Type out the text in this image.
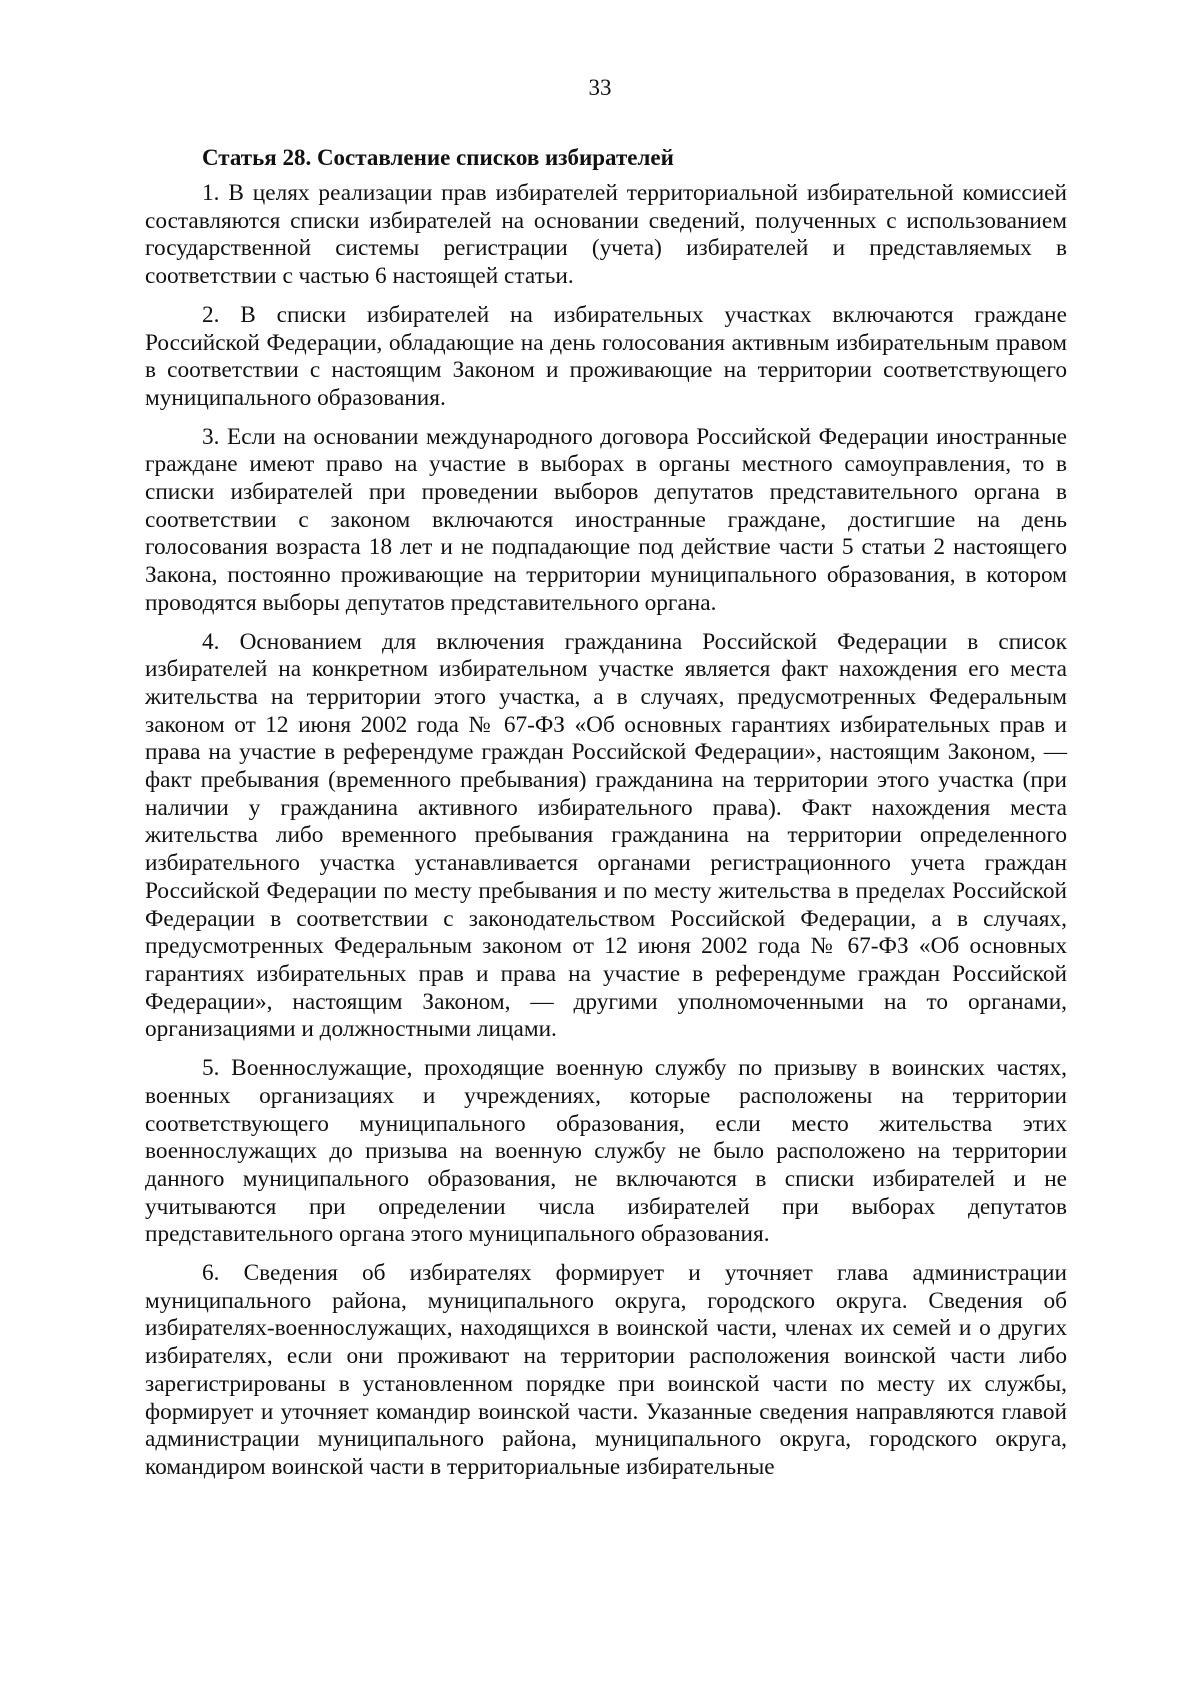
33
Статья 28. Составление списков избирателей

1. В целях реализации прав избирателей территориальной избирательной комиссией составляются списки избирателей на основании сведений, полученных с использованием государственной системы регистрации (учета) избирателей и представляемых в соответствии с частью 6 настоящей статьи.

2. В списки избирателей на избирательных участках включаются граждане Российской Федерации, обладающие на день голосования активным избирательным правом в соответствии с настоящим Законом и проживающие на территории соответствующего муниципального образования.

3. Если на основании международного договора Российской Федерации иностранные граждане имеют право на участие в выборах в органы местного самоуправления, то в списки избирателей при проведении выборов депутатов представительного органа в соответствии с законом включаются иностранные граждане, достигшие на день голосования возраста 18 лет и не подпадающие под действие части 5 статьи 2 настоящего Закона, постоянно проживающие на территории муниципального образования, в котором проводятся выборы депутатов представительного органа.

4. Основанием для включения гражданина Российской Федерации в список избирателей на конкретном избирательном участке является факт нахождения его места жительства на территории этого участка, а в случаях, предусмотренных Федеральным законом от 12 июня 2002 года № 67-ФЗ «Об основных гарантиях избирательных прав и права на участие в референдуме граждан Российской Федерации», настоящим Законом, — факт пребывания (временного пребывания) гражданина на территории этого участка (при наличии у гражданина активного избирательного права). Факт нахождения места жительства либо временного пребывания гражданина на территории определенного избирательного участка устанавливается органами регистрационного учета граждан Российской Федерации по месту пребывания и по месту жительства в пределах Российской Федерации в соответствии с законодательством Российской Федерации, а в случаях, предусмотренных Федеральным законом от 12 июня 2002 года № 67-ФЗ «Об основных гарантиях избирательных прав и права на участие в референдуме граждан Российской Федерации», настоящим Законом, — другими уполномоченными на то органами, организациями и должностными лицами.

5. Военнослужащие, проходящие военную службу по призыву в воинских частях, военных организациях и учреждениях, которые расположены на территории соответствующего муниципального образования, если место жительства этих военнослужащих до призыва на военную службу не было расположено на территории данного муниципального образования, не включаются в списки избирателей и не учитываются при определении числа избирателей при выборах депутатов представительного органа этого муниципального образования.

6. Сведения об избирателях формирует и уточняет глава администрации муниципального района, муниципального округа, городского округа. Сведения об избирателях-военнослужащих, находящихся в воинской части, членах их семей и о других избирателях, если они проживают на территории расположения воинской части либо зарегистрированы в установленном порядке при воинской части по месту их службы, формирует и уточняет командир воинской части. Указанные сведения направляются главой администрации муниципального района, муниципального округа, городского округа, командиром воинской части в территориальные избирательные
